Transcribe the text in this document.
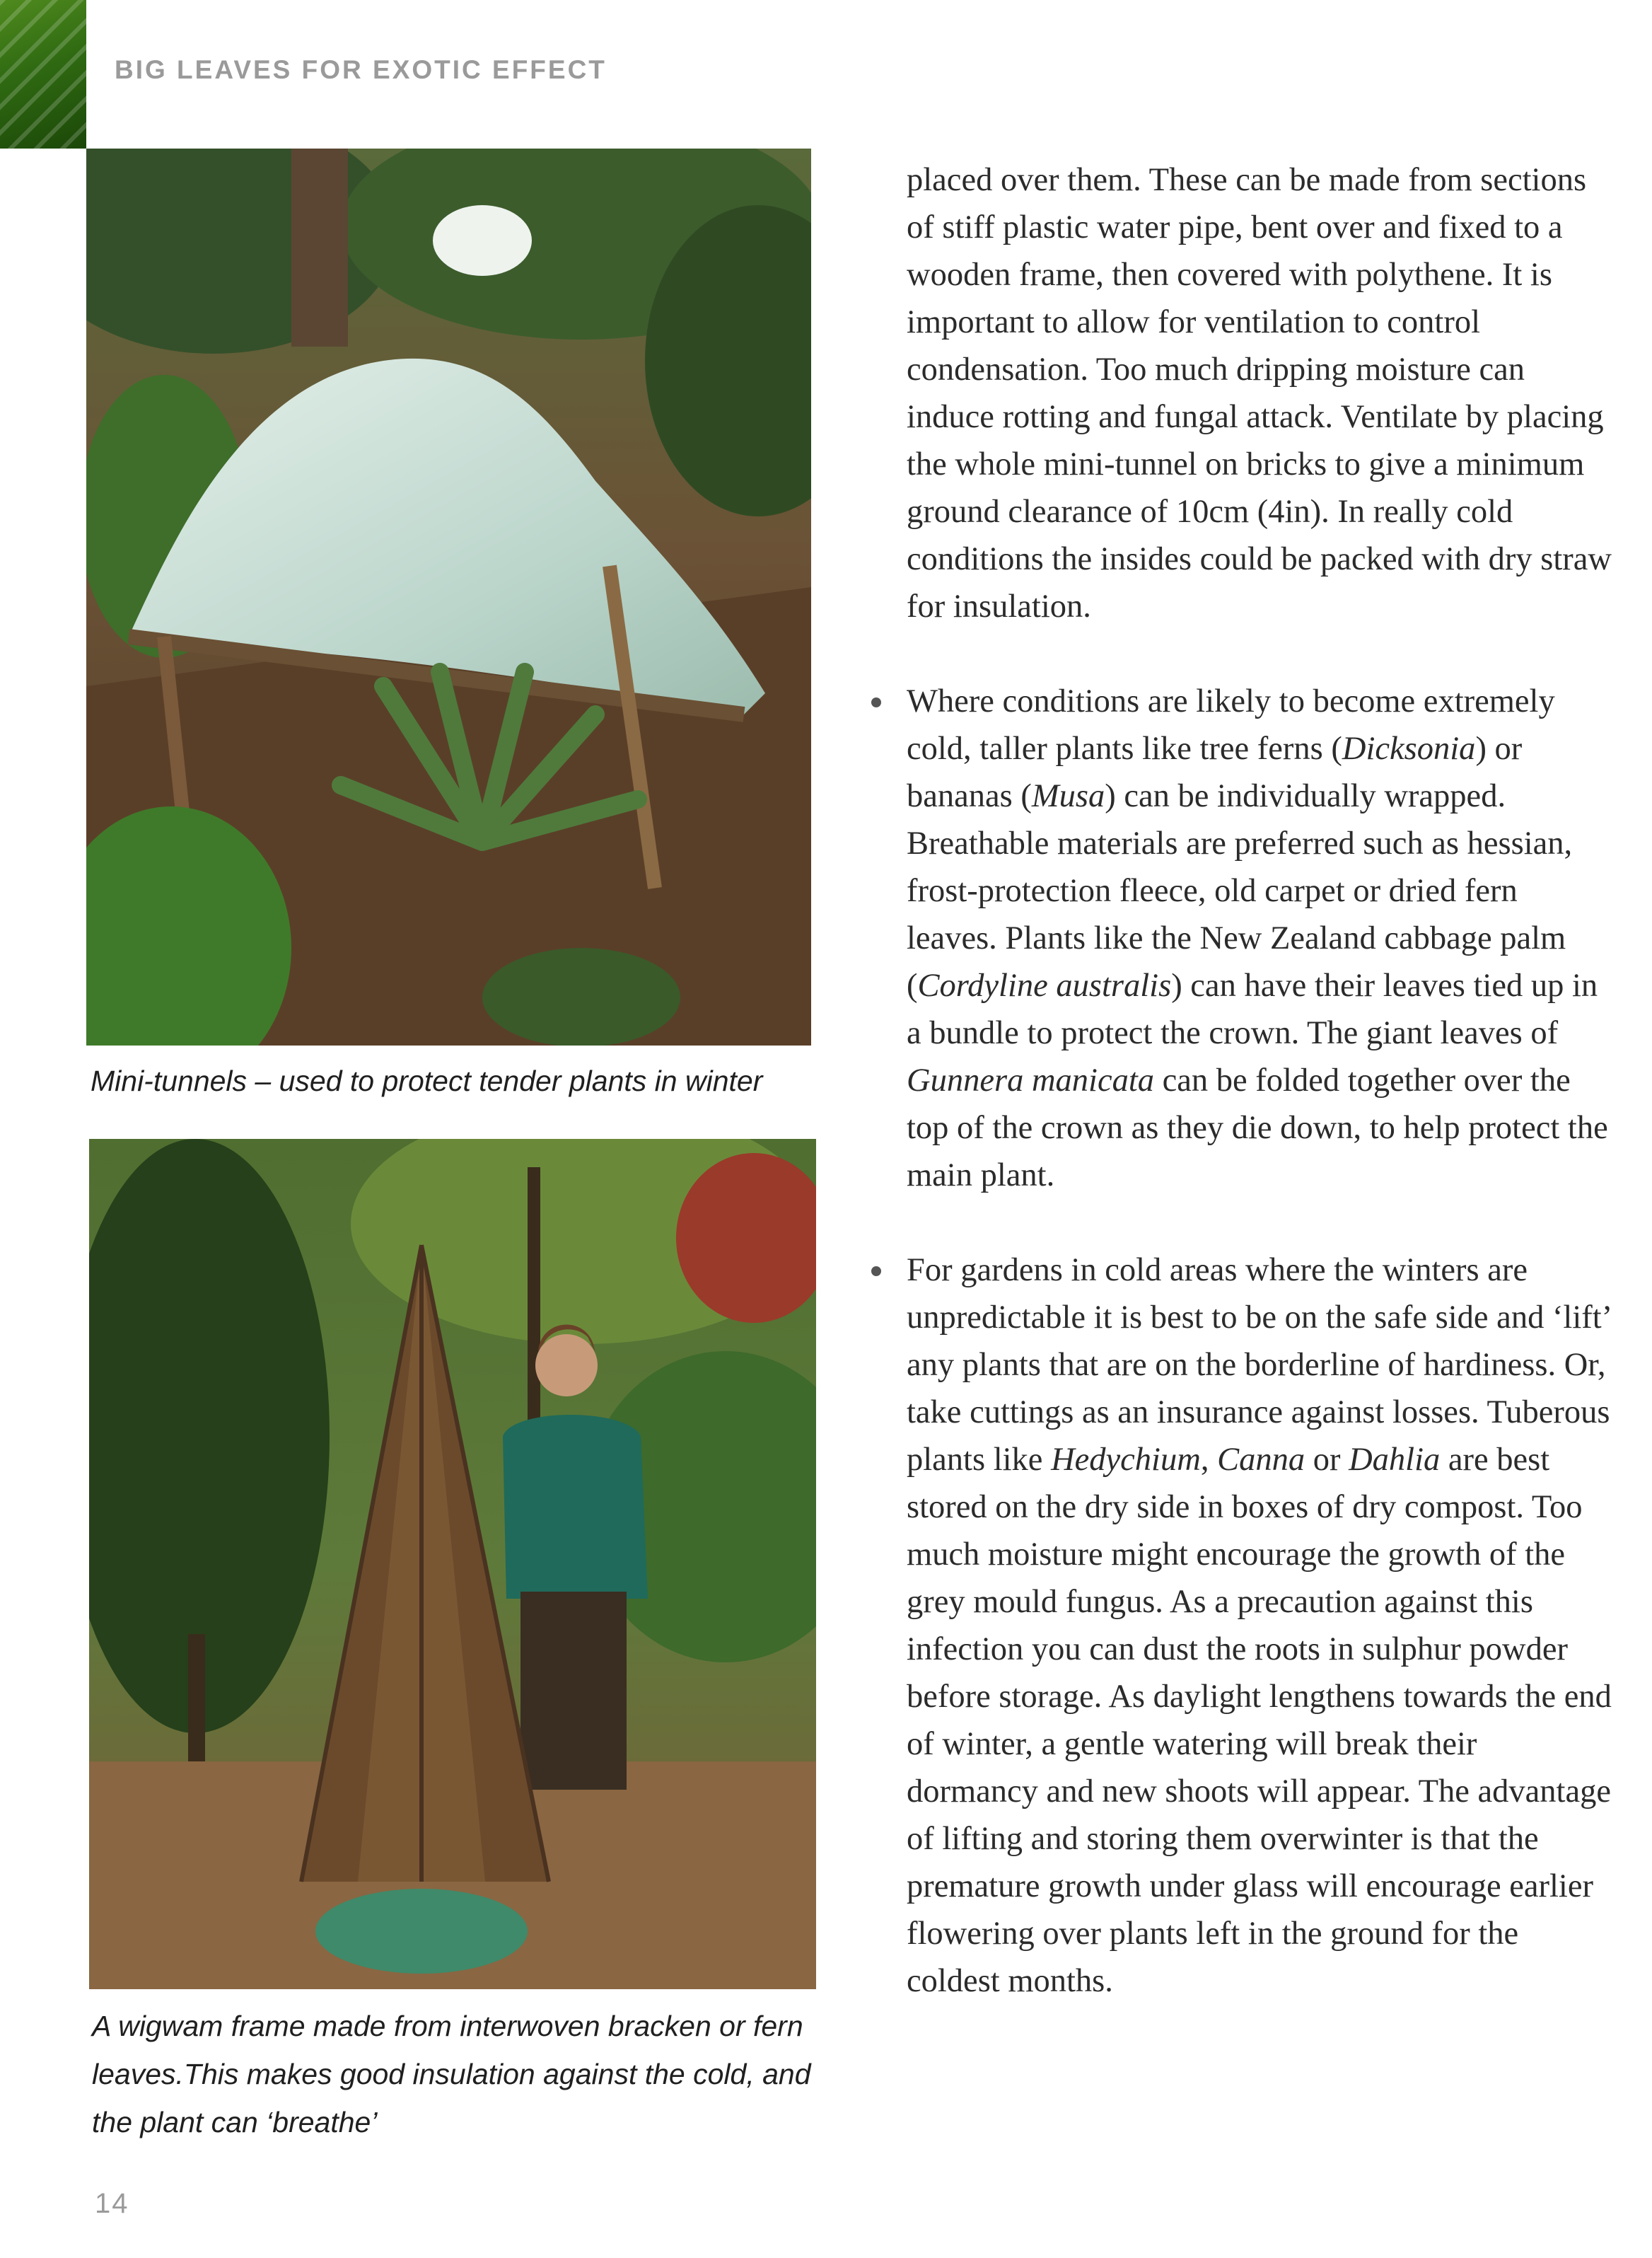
BIG LEAVES FOR EXOTIC EFFECT
Mini-tunnels – used to protect tender plants in winter
A wigwam frame made from interwoven bracken or fern leaves.This makes good insulation against the cold, and the plant can ‘breathe’

placed over them. These can be made from sections of stiff plastic water pipe, bent over and fixed to a wooden frame, then covered with polythene. It is important to allow for ventilation to control condensation. Too much dripping moisture can induce rotting and fungal attack. Ventilate by placing the whole mini-tunnel on bricks to give a minimum ground clearance of 10cm (4in). In really cold conditions the insides could be packed with dry straw for insulation.

Where conditions are likely to become extremely cold, taller plants like tree ferns (Dicksonia) or bananas (Musa) can be individually wrapped. Breathable materials are preferred such as hessian, frost-protection fleece, old carpet or dried fern leaves. Plants like the New Zealand cabbage palm (Cordyline australis) can have their leaves tied up in a bundle to protect the crown. The giant leaves of Gunnera manicata can be folded together over the top of the crown as they die down, to help protect the main plant.

For gardens in cold areas where the winters are unpredictable it is best to be on the safe side and ‘lift’ any plants that are on the borderline of hardiness. Or, take cuttings as an insurance against losses. Tuberous plants like Hedychium, Canna or Dahlia are best stored on the dry side in boxes of dry compost. Too much moisture might encourage the growth of the grey mould fungus. As a precaution against this infection you can dust the roots in sulphur powder before storage. As daylight lengthens towards the end of winter, a gentle watering will break their dormancy and new shoots will appear. The advantage of lifting and storing them overwinter is that the premature growth under glass will encourage earlier flowering over plants left in the ground for the coldest months.

14
